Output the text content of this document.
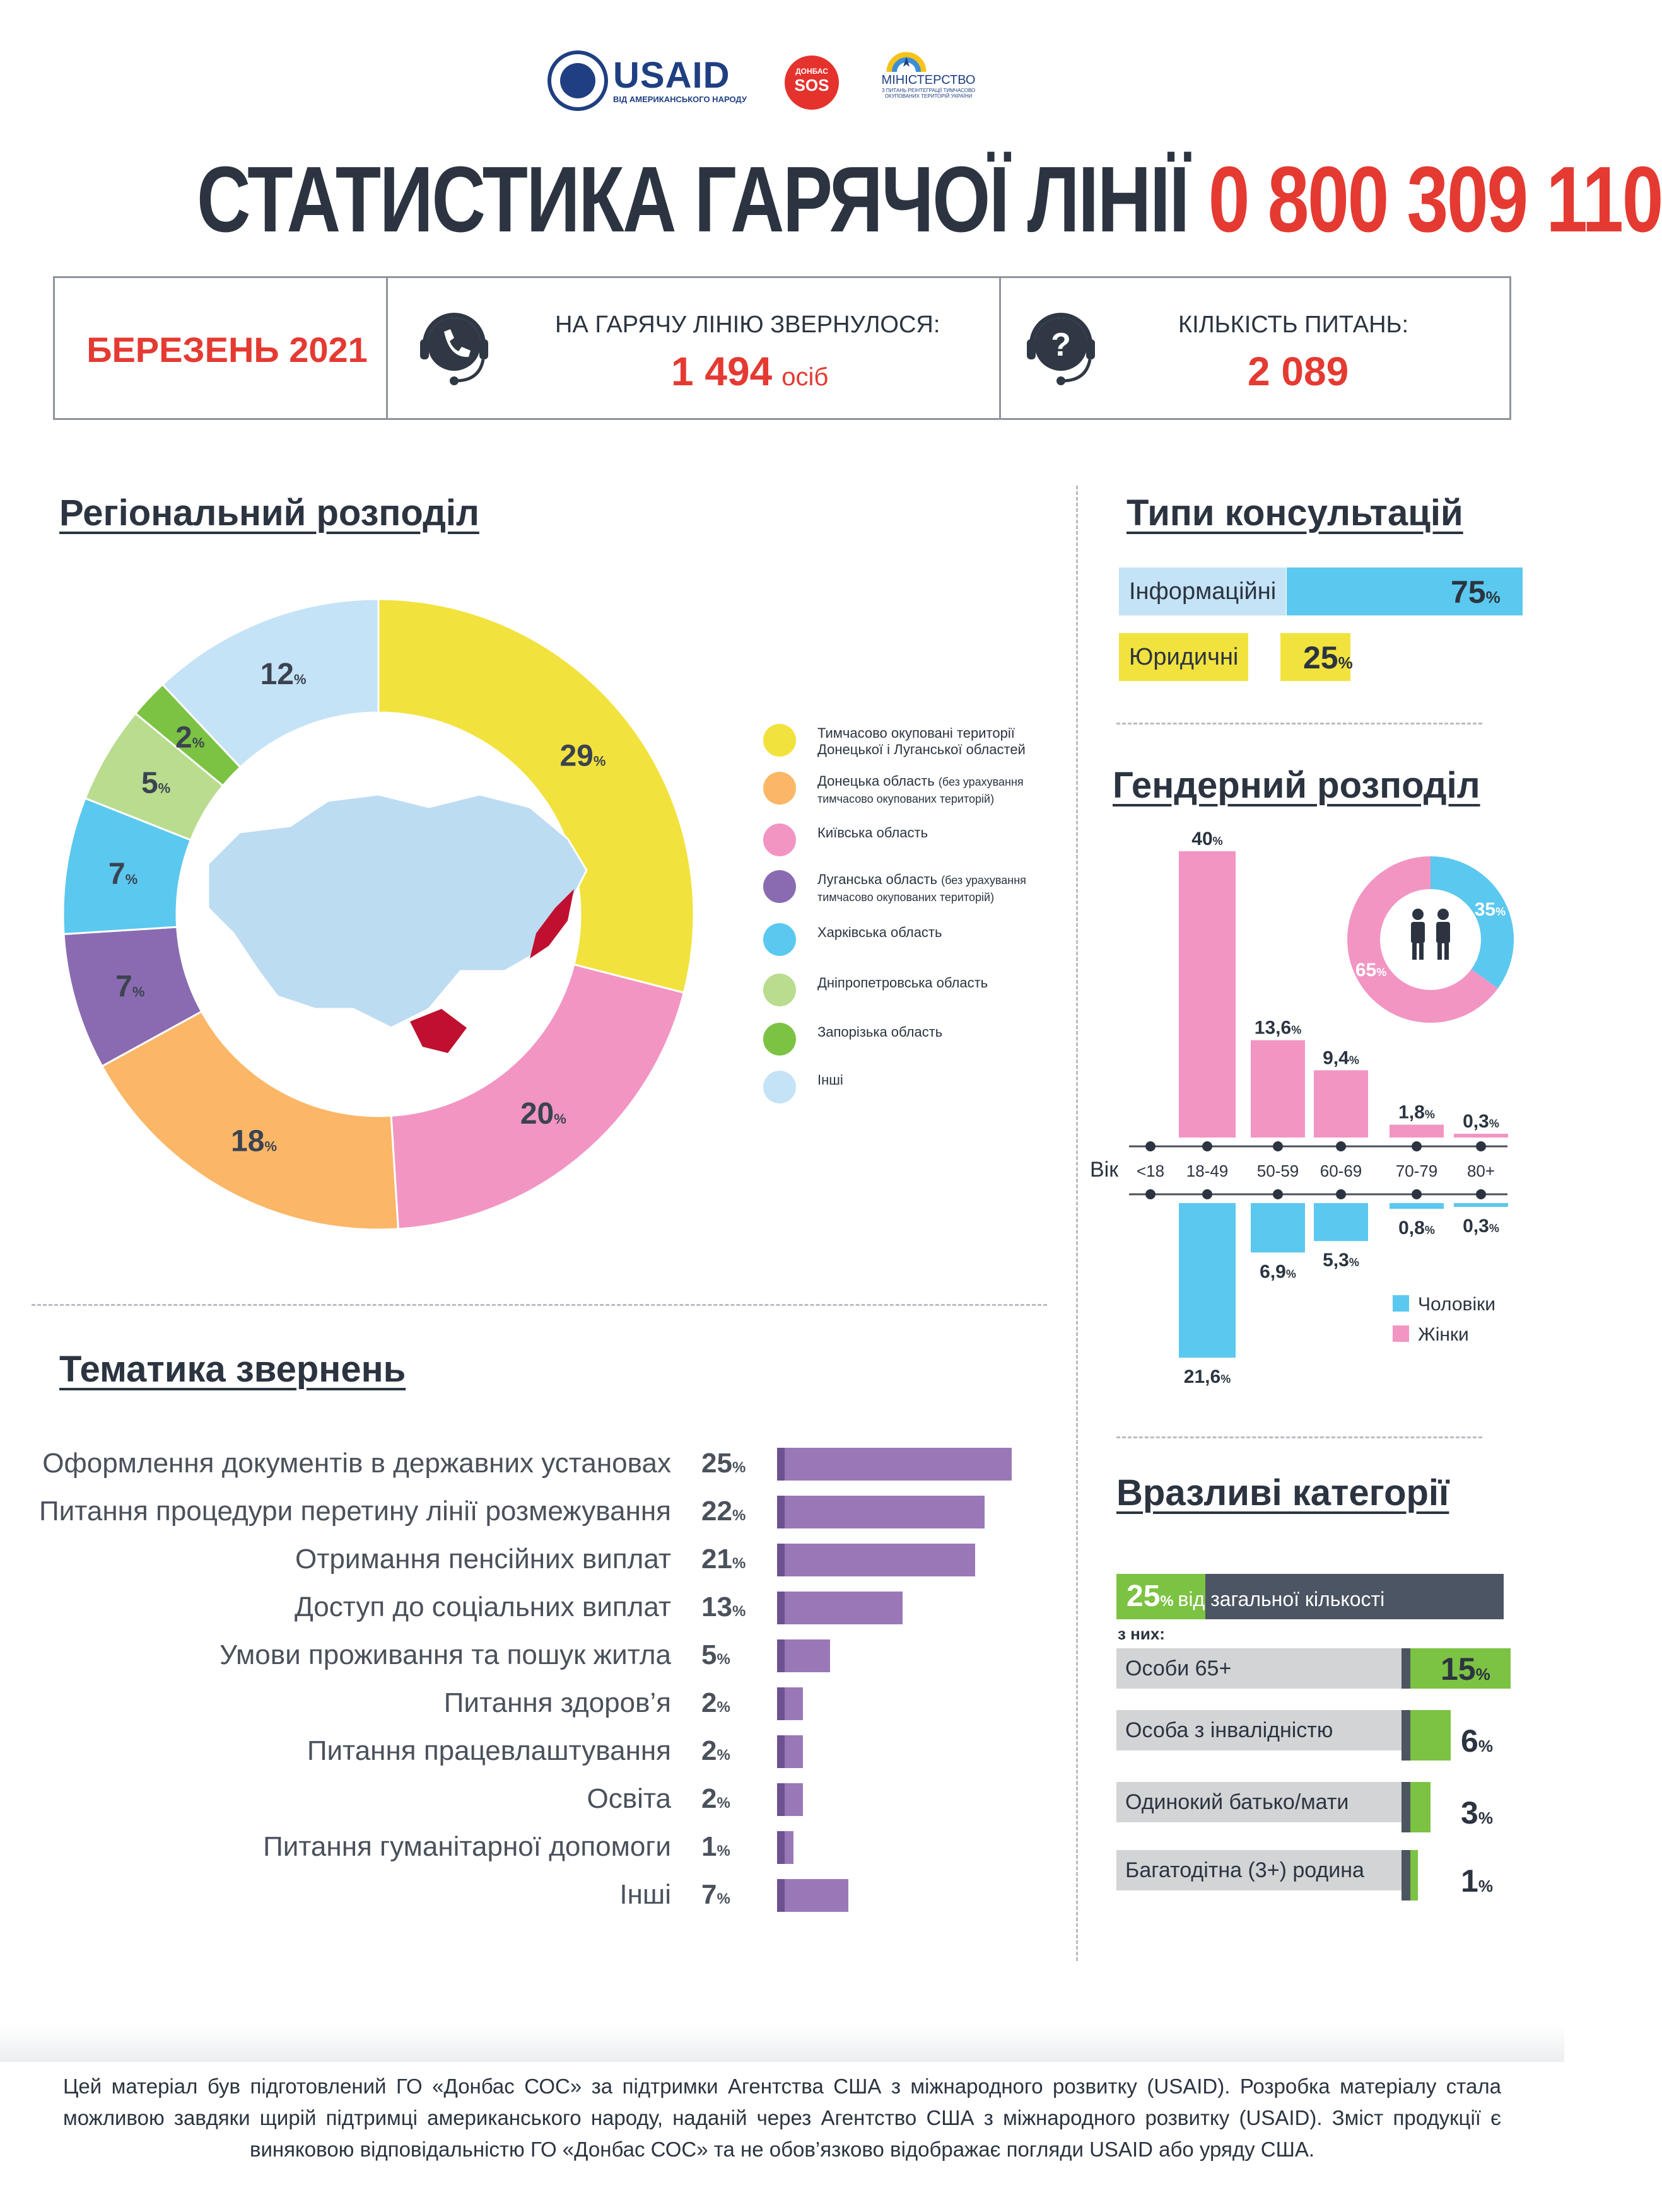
USAID
ВІД АМЕРИКАНСЬКОГО НАРОДУ
ДОНБАС
SOS	МІНІСТЕРСТВО
З ПИТАНЬ РЕІНТЕГРАЦІЇ ТИМЧАСОВО ОКУПОВАНИХ ТЕРИТОРІЙ УКРАЇНИ
СТАТИСТИКА ГАРЯЧОЇ ЛІНІЇ 0 800 309 110
БЕРЕЗЕНЬ 2021
НА ГАРЯЧУ ЛІНІЮ ЗВЕРНУЛОСЯ:
1 494 осіб
?
КІЛЬКІСТЬ ПИТАНЬ:
2 089
Регіональний розподіл
29%
20%
18%
7%
7%
5%
2%
12%
Тимчасово окуповані території Донецької і Луганської областей
Донецька область (без урахування тимчасово окупованих територій)
Київська область
Луганська область (без урахування тимчасово окупованих територій)
Харківська область
Дніпропетровська область
Запорізька область
Інші
Типи консультацій
Інформаційні	75%
Юридичні	25%
Гендерний розподіл
Вік <18 18-49
40%
21,6%
50-59
13,6%
6,9%
60-69
9,4%
5,3%
70-79
1,8%
0,8%
80+
0,3%
0,3%
Чоловіки
Жінки
35%
65%
Тематика звернень
Оформлення документів в державних установах 25%
Питання процедури перетину лінії розмежування 22%
Отримання пенсійних виплат 21%
Доступ до соціальних виплат 13%
Умови проживання та пошук житла 5%
Питання здоров’я 2%
Питання працевлаштування 2%
Освіта 2%
Питання гуманітарної допомоги 1%
Інші 7%
Вразливі категорії
25% від загальної кількості
з них:
Особи 65+	15%
Особа з інвалідністю	6%
Одинокий батько/мати	3%
Багатодітна (3+) родина	1%
Цей матеріал був підготовлений ГО «Донбас СОС» за підтримки Агентства США з міжнародного розвитку (USAID). Розробка матеріалу стала можливою завдяки щирій підтримці американського народу, наданій через Агентство США з міжнародного розвитку (USAID). Зміст продукції є виняковою відповідальністю ГО «Донбас СОС» та не обов’язково відображає погляди USAID або уряду США.
